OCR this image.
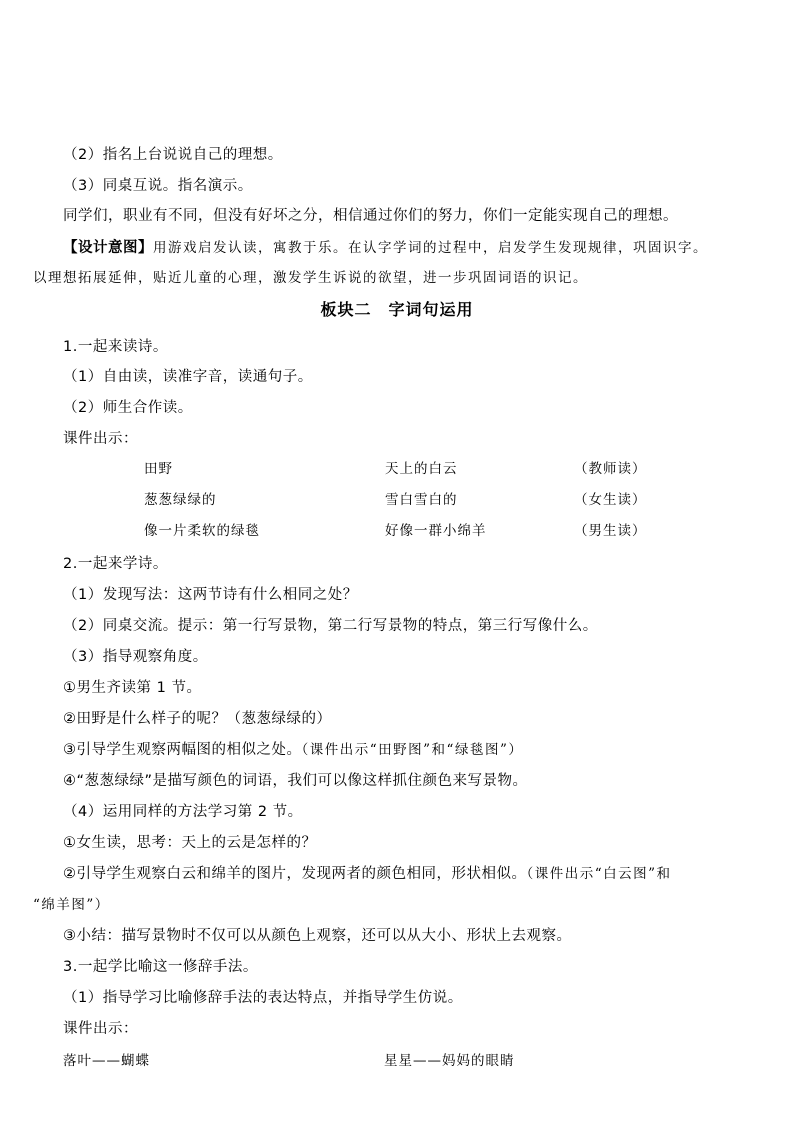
（2）指名上台说说自己的理想。
（3）同桌互说。指名演示。
同学们，职业有不同，但没有好坏之分，相信通过你们的努力，你们一定能实现自己的理想。
【设计意图】用游戏启发认读，寓教于乐。在认字学词的过程中，启发学生发现规律，巩固识字。
以理想拓展延伸，贴近儿童的心理，激发学生诉说的欲望，进一步巩固词语的识记。
板块二　字词句运用
1.一起来读诗。
（1）自由读，读准字音，读通句子。
（2）师生合作读。
课件出示：
田野	天上的白云	（教师读）
葱葱绿绿的	雪白雪白的	（女生读）
像一片柔软的绿毯	好像一群小绵羊	（男生读）
2.一起来学诗。
（1）发现写法：这两节诗有什么相同之处？
（2）同桌交流。提示：第一行写景物，第二行写景物的特点，第三行写像什么。
（3）指导观察角度。
①男生齐读第 1 节。
②田野是什么样子的呢？（葱葱绿绿的）
③引导学生观察两幅图的相似之处。（课件出示“田野图”和“绿毯图”）
④“葱葱绿绿”是描写颜色的词语，我们可以像这样抓住颜色来写景物。
（4）运用同样的方法学习第 2 节。
①女生读，思考：天上的云是怎样的？
②引导学生观察白云和绵羊的图片，发现两者的颜色相同，形状相似。（课件出示“白云图”和
“绵羊图”）
③小结：描写景物时不仅可以从颜色上观察，还可以从大小、形状上去观察。
3.一起学比喻这一修辞手法。
（1）指导学习比喻修辞手法的表达特点，并指导学生仿说。
课件出示：
落叶——蝴蝶	星星——妈妈的眼睛
